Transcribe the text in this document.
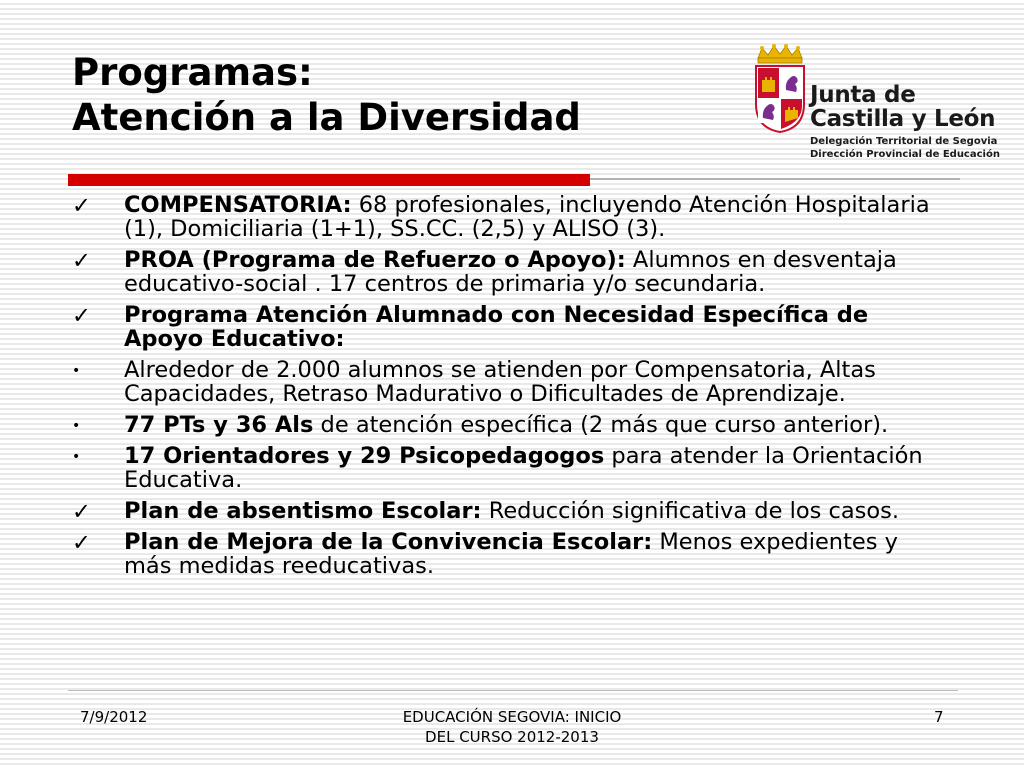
Programas:
Atención a la Diversidad

Junta de

Castilla y León

Delegación Territorial de Segovia

Dirección Provincial de Educación

✓	COMPENSATORIA: 68 profesionales, incluyendo Atención Hospitalaria (1), Domiciliaria (1+1), SS.CC. (2,5) y ALISO (3).
✓	PROA (Programa de Refuerzo o Apoyo): Alumnos en desventaja educativo-social . 17 centros de primaria y/o secundaria.
✓	Programa Atención Alumnado con Necesidad Específica de Apoyo Educativo:
•	Alrededor de 2.000 alumnos se atienden por Compensatoria, Altas Capacidades, Retraso Madurativo o Dificultades de Aprendizaje.
•	77 PTs y 36 Als de atención específica (2 más que curso anterior).
•	17 Orientadores y 29 Psicopedagogos para atender la Orientación Educativa.
✓	Plan de absentismo Escolar: Reducción significativa de los casos.
✓	Plan de Mejora de la Convivencia Escolar: Menos expedientes y más medidas reeducativas.
7/9/2012	EDUCACIÓN SEGOVIA: INICIO
DEL CURSO 2012-2013
7
